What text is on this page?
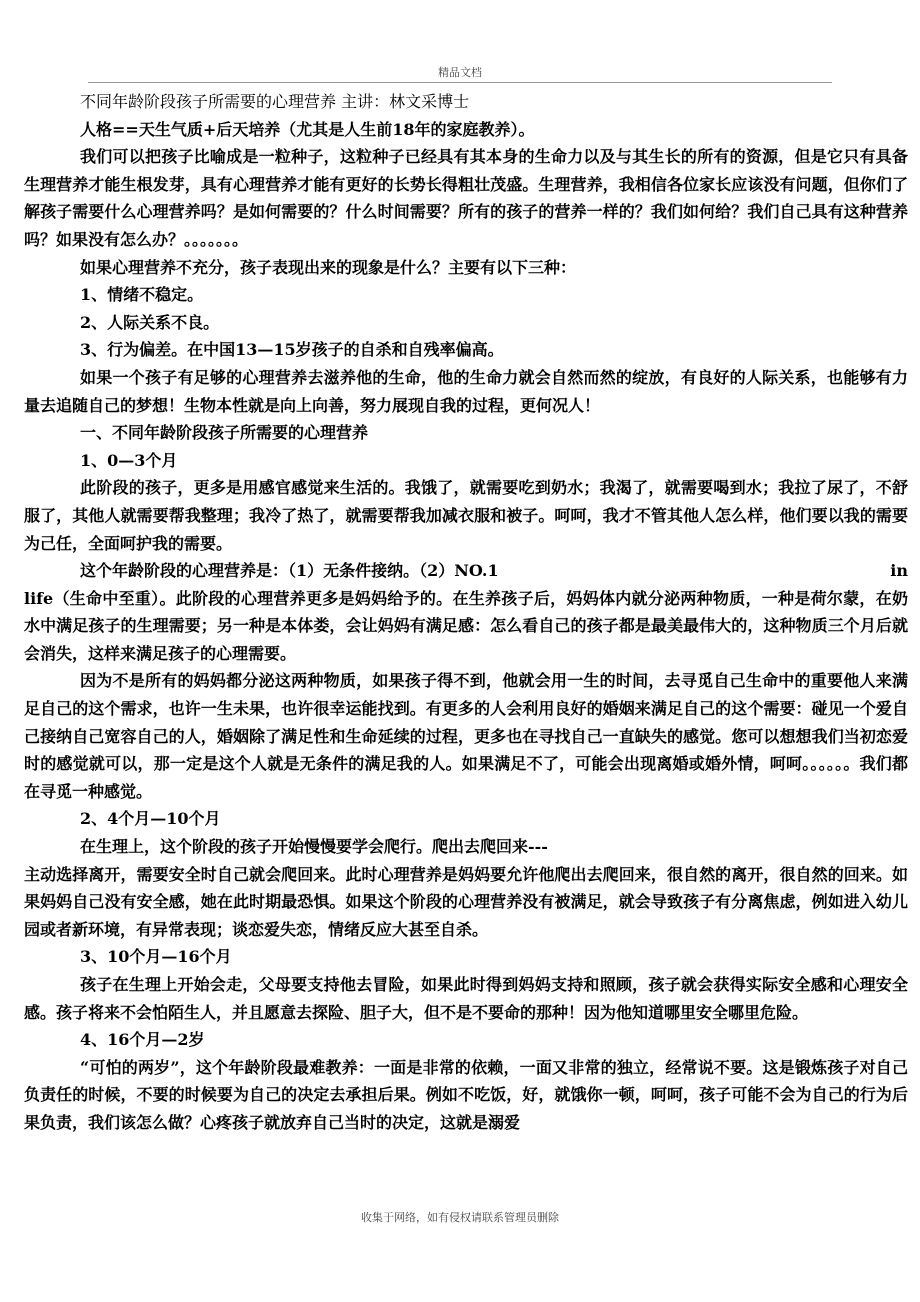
精品文档

不同年龄阶段孩子所需要的心理营养 主讲：林文采博士

人格==天生气质+后天培养（尤其是人生前18年的家庭教养）。

我们可以把孩子比喻成是一粒种子，这粒种子已经具有其本身的生命力以及与其生长的所有的资源，但是它只有具备生理营养才能生根发芽，具有心理营养才能有更好的长势长得粗壮茂盛。生理营养，我相信各位家长应该没有问题，但你们了解孩子需要什么心理营养吗？是如何需要的？什么时间需要？所有的孩子的营养一样的？我们如何给？我们自己具有这种营养吗？如果没有怎么办？。。。。。。。

如果心理营养不充分，孩子表现出来的现象是什么？主要有以下三种：

1、情绪不稳定。

2、人际关系不良。

3、行为偏差。在中国13—15岁孩子的自杀和自残率偏高。

如果一个孩子有足够的心理营养去滋养他的生命，他的生命力就会自然而然的绽放，有良好的人际关系，也能够有力量去追随自己的梦想！生物本性就是向上向善，努力展现自我的过程，更何况人！

一、不同年龄阶段孩子所需要的心理营养

1、0—3个月

此阶段的孩子，更多是用感官感觉来生活的。我饿了，就需要吃到奶水；我渴了，就需要喝到水；我拉了尿了，不舒服了，其他人就需要帮我整理；我冷了热了，就需要帮我加减衣服和被子。呵呵，我才不管其他人怎么样，他们要以我的需要为己任，全面呵护我的需要。

这个年龄阶段的心理营养是：（1）无条件接纳。（2）NO.1	in

life（生命中至重）。此阶段的心理营养更多是妈妈给予的。在生养孩子后，妈妈体内就分泌两种物质，一种是荷尔蒙，在奶水中满足孩子的生理需要；另一种是本体娄，会让妈妈有满足感：怎么看自己的孩子都是最美最伟大的，这种物质三个月后就会消失，这样来满足孩子的心理需要。

因为不是所有的妈妈都分泌这两种物质，如果孩子得不到，他就会用一生的时间，去寻觅自己生命中的重要他人来满足自己的这个需求，也许一生未果，也许很幸运能找到。有更多的人会利用良好的婚姻来满足自己的这个需要：碰见一个爱自己接纳自己宽容自己的人，婚姻除了满足性和生命延续的过程，更多也在寻找自己一直缺失的感觉。您可以想想我们当初恋爱时的感觉就可以，那一定是这个人就是无条件的满足我的人。如果满足不了，可能会出现离婚或婚外情，呵呵。。。。。。我们都在寻觅一种感觉。

2、4个月—10个月

在生理上，这个阶段的孩子开始慢慢要学会爬行。爬出去爬回来---

主动选择离开，需要安全时自己就会爬回来。此时心理营养是妈妈要允许他爬出去爬回来，很自然的离开，很自然的回来。如果妈妈自己没有安全感，她在此时期最恐惧。如果这个阶段的心理营养没有被满足，就会导致孩子有分离焦虑，例如进入幼儿园或者新环境，有异常表现；谈恋爱失恋，情绪反应大甚至自杀。

3、10个月—16个月

孩子在生理上开始会走，父母要支持他去冒险，如果此时得到妈妈支持和照顾，孩子就会获得实际安全感和心理安全感。孩子将来不会怕陌生人，并且愿意去探险、胆子大，但不是不要命的那种！因为他知道哪里安全哪里危险。

4、16个月—2岁

“可怕的两岁”，这个年龄阶段最难教养：一面是非常的依赖，一面又非常的独立，经常说不要。这是锻炼孩子对自己负责任的时候，不要的时候要为自己的决定去承担后果。例如不吃饭，好，就饿你一顿，呵呵，孩子可能不会为自己的行为后果负责，我们该怎么做？心疼孩子就放弃自己当时的决定，这就是溺爱

收集于网络，如有侵权请联系管理员删除
